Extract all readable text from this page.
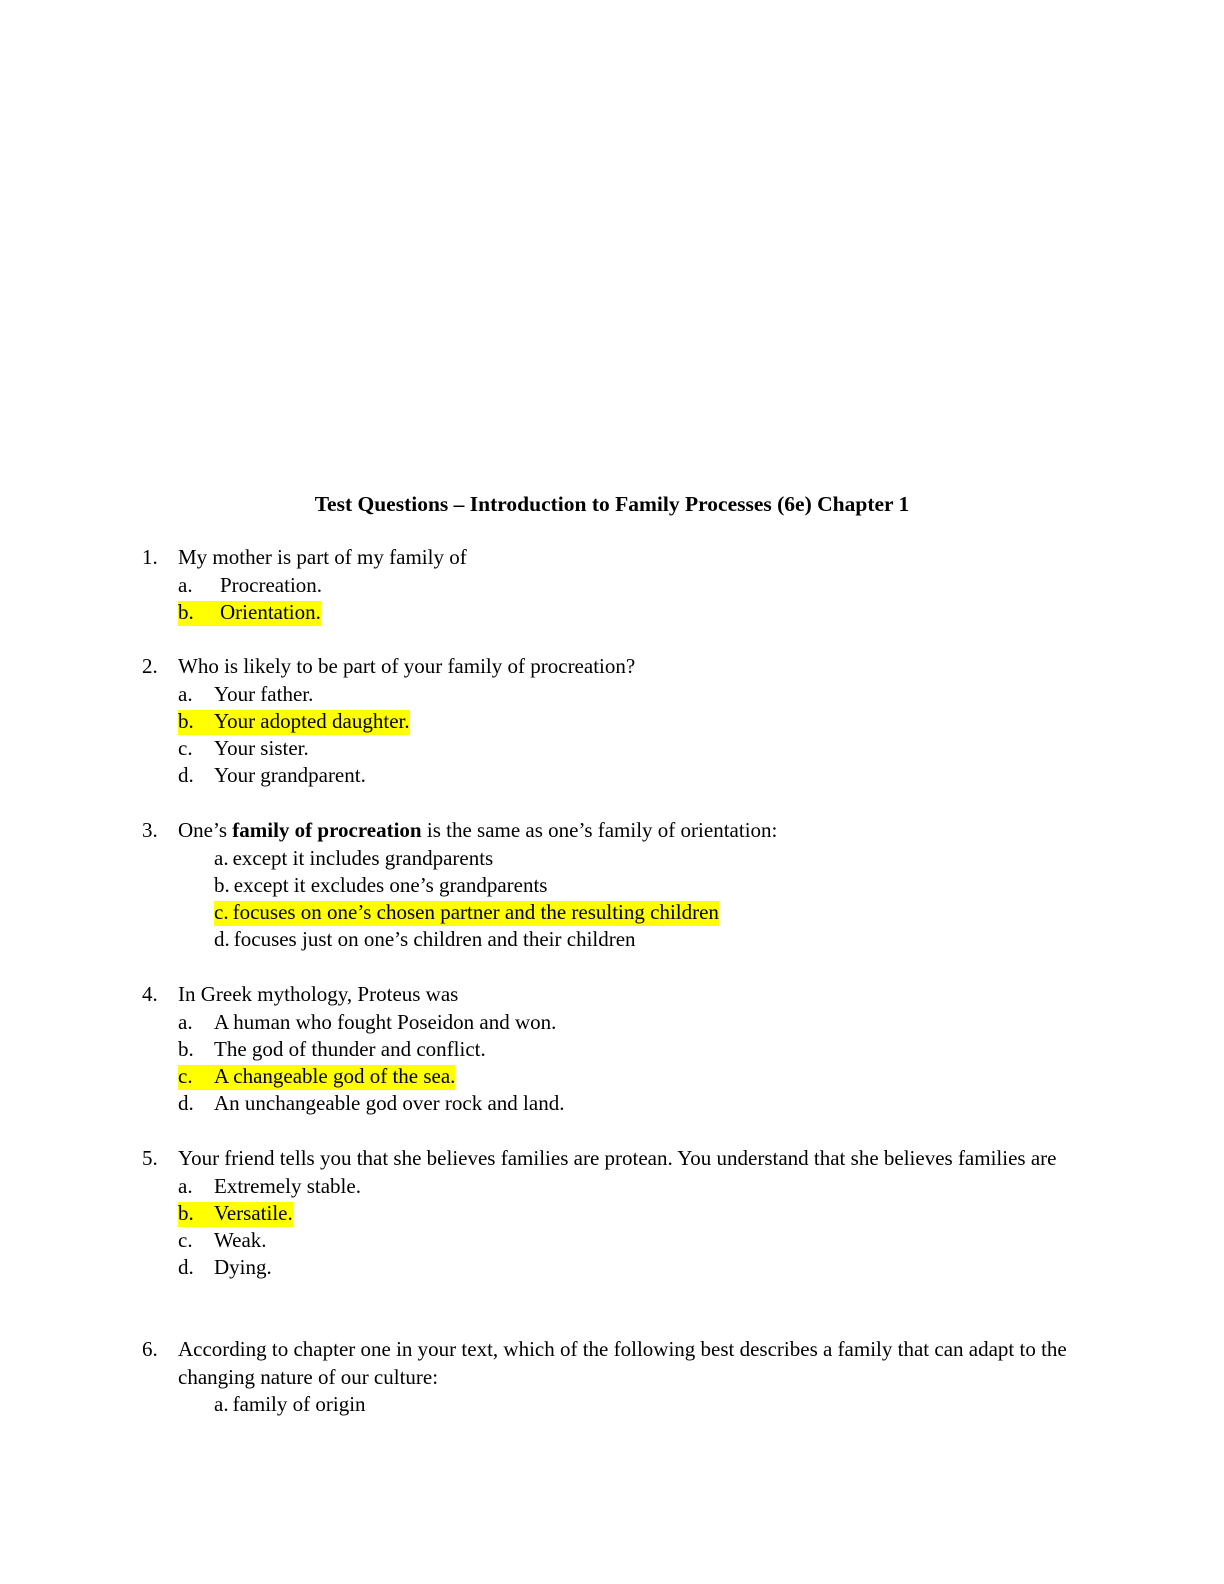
Test Questions – Introduction to Family Processes (6e) Chapter 1
1. My mother is part of my family of
a. Procreation.
b. Orientation.
2. Who is likely to be part of your family of procreation?
a. Your father.
b. Your adopted daughter.
c. Your sister.
d. Your grandparent.
3. One’s family of procreation is the same as one’s family of orientation:
a. except it includes grandparents
b. except it excludes one’s grandparents
c. focuses on one’s chosen partner and the resulting children
d. focuses just on one’s children and their children
4. In Greek mythology, Proteus was
a. A human who fought Poseidon and won.
b. The god of thunder and conflict.
c. A changeable god of the sea.
d. An unchangeable god over rock and land.
5. Your friend tells you that she believes families are protean. You understand that she believes families are
a. Extremely stable.
b. Versatile.
c. Weak.
d. Dying.
6. According to chapter one in your text, which of the following best describes a family that can adapt to the changing nature of our culture:
a. family of origin
